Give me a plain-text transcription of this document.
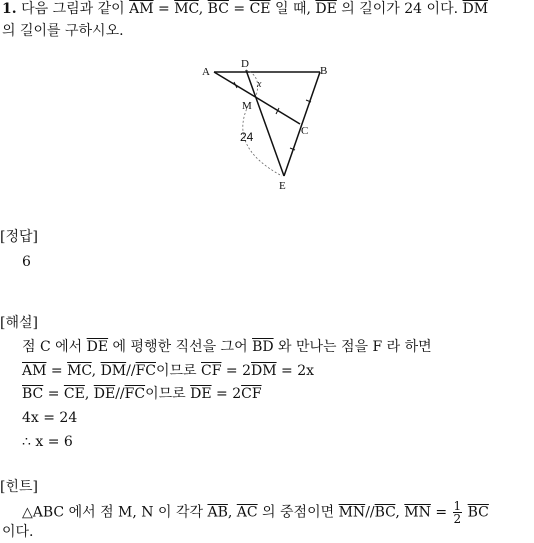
1. 다음 그림과 같이 $\overline{AM} = \overline{MC}$, $\overline{BC} = \overline{CE}$ 일 때, $\overline{DE}$ 의 길이가 24 이다. $\overline{DM}$
의 길이를 구하시오.
A
D
B
M
C
E
x
24
[정답]
6
[해설]
점 C 에서 $\overline{DE}$ 에 평행한 직선을 그어 $\overline{BD}$ 와 만나는 점을 F 라 하면
$\overline{AM} = \overline{MC}$, $\overline{DM}//\overline{FC}$이므로 $\overline{CF} = 2\overline{DM} = 2x$
$\overline{BC} = \overline{CE}$, $\overline{DE}//\overline{FC}$이므로 $\overline{DE} = 2\overline{CF}$
4x = 24
∴ x = 6
[힌트]
△ABC 에서 점 M, N 이 각각 $\overline{AB}$, $\overline{AC}$ 의 중점이면 $\overline{MN}//\overline{BC}$, $\overline{MN} = \frac{1}{2} \overline{BC}$
이다.
